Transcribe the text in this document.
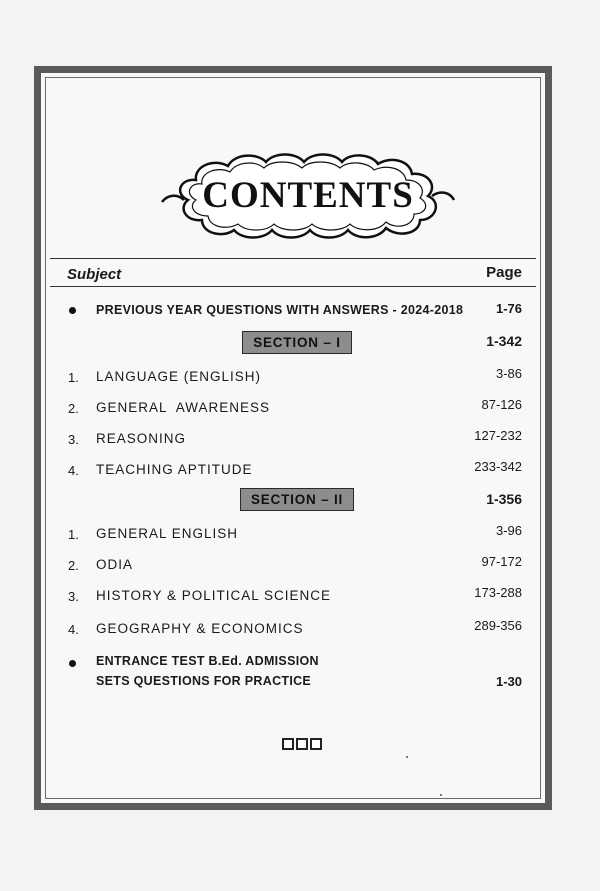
CONTENTS
Subject	Page
PREVIOUS YEAR QUESTIONS WITH ANSWERS - 2024-2018	1-76
SECTION – I	1-342
1. LANGUAGE (ENGLISH)	3-86
2. GENERAL  AWARENESS	87-126
3. REASONING	127-232
4. TEACHING APTITUDE	233-342
SECTION – II	1-356
1. GENERAL ENGLISH	3-96
2. ODIA	97-172
3. HISTORY & POLITICAL SCIENCE	173-288
4. GEOGRAPHY & ECONOMICS	289-356
ENTRANCE TEST B.Ed. ADMISSION
SETS QUESTIONS FOR PRACTICE	1-30
